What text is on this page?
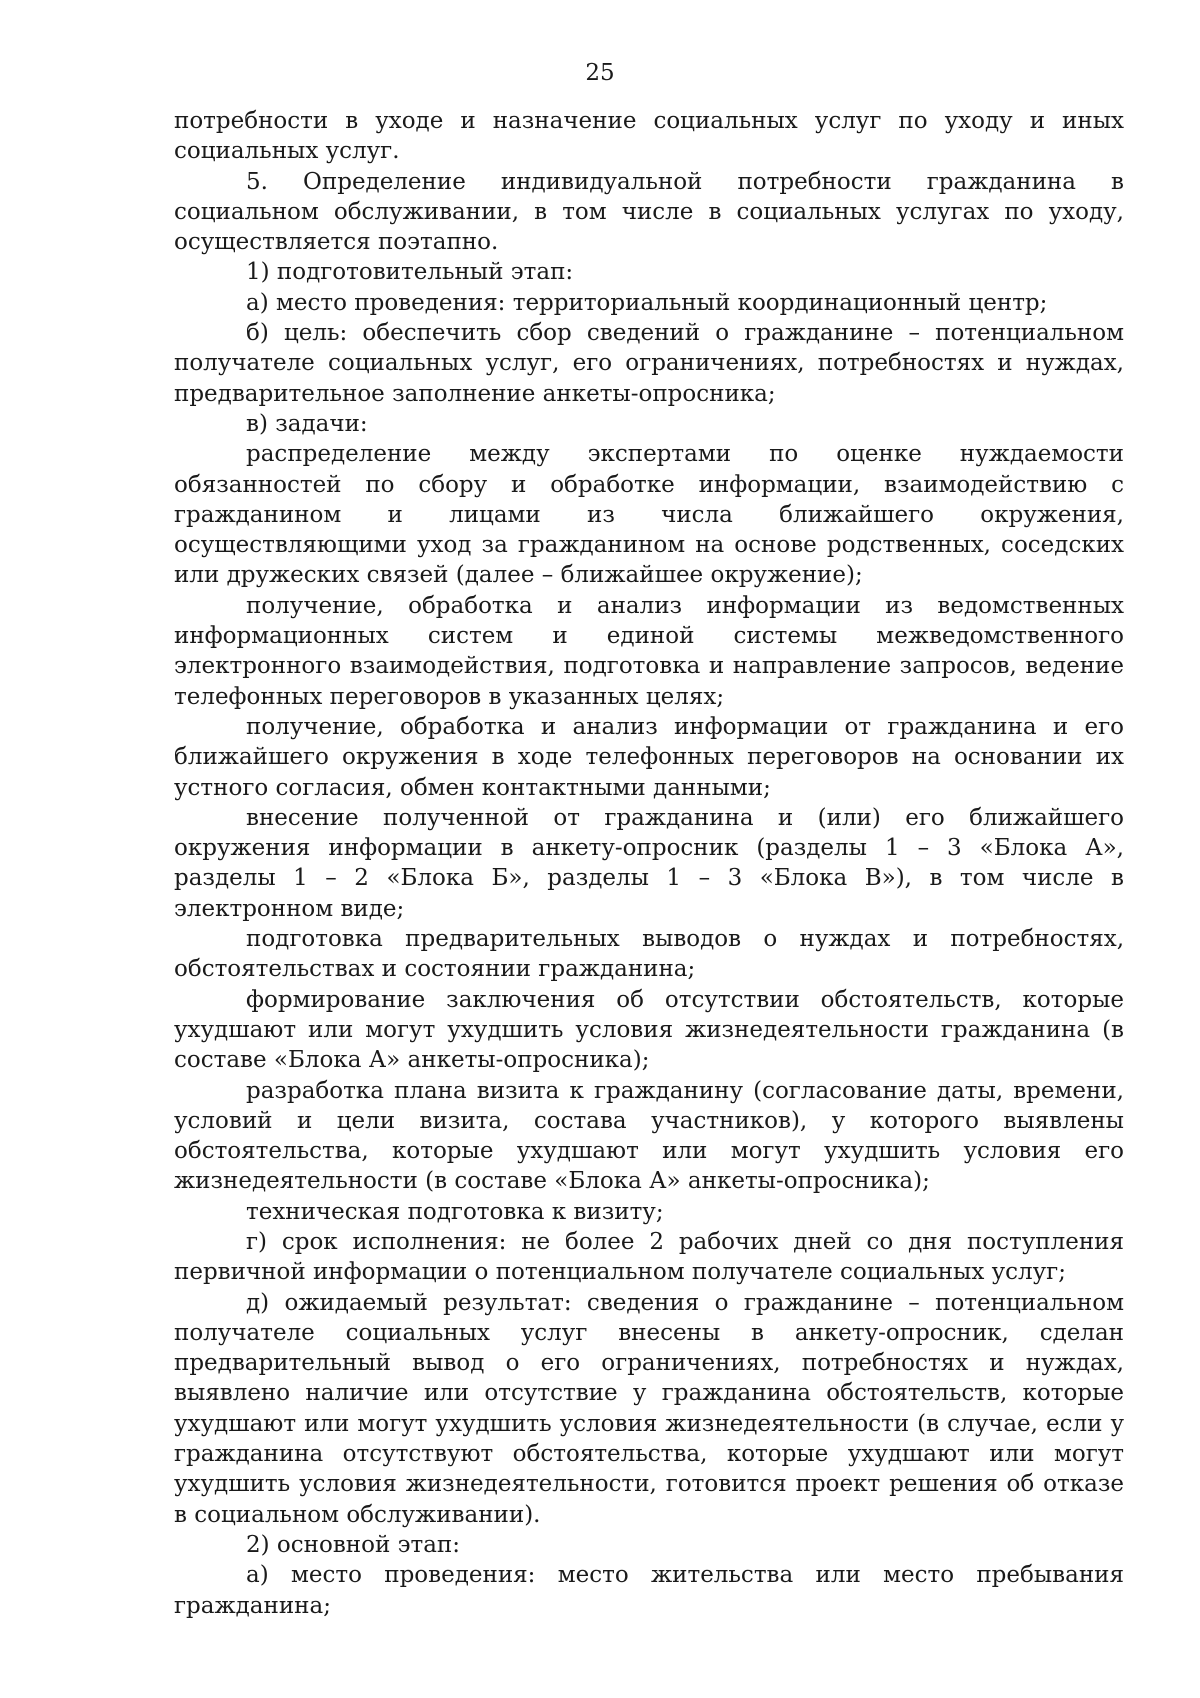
25

потребности в уходе и назначение социальных услуг по уходу и иных социальных услуг.

5. Определение индивидуальной потребности гражданина в социальном обслуживании, в том числе в социальных услугах по уходу, осуществляется поэтапно.

1) подготовительный этап:

а) место проведения: территориальный координационный центр;

б) цель: обеспечить сбор сведений о гражданине – потенциальном получателе социальных услуг, его ограничениях, потребностях и нуждах, предварительное заполнение анкеты-опросника;

в) задачи:

распределение между экспертами по оценке нуждаемости обязанностей по сбору и обработке информации, взаимодействию с гражданином и лицами из числа ближайшего окружения, осуществляющими уход за гражданином на основе родственных, соседских или дружеских связей (далее – ближайшее окружение);

получение, обработка и анализ информации из ведомственных информационных систем и единой системы межведомственного электронного взаимодействия, подготовка и направление запросов, ведение телефонных переговоров в указанных целях;

получение, обработка и анализ информации от гражданина и его ближайшего окружения в ходе телефонных переговоров на основании их устного согласия, обмен контактными данными;

внесение полученной от гражданина и (или) его ближайшего окружения информации в анкету-опросник (разделы 1 – 3 «Блока А», разделы 1 – 2 «Блока Б», разделы 1 – 3 «Блока В»), в том числе в электронном виде;

подготовка предварительных выводов о нуждах и потребностях, обстоятельствах и состоянии гражданина;

формирование заключения об отсутствии обстоятельств, которые ухудшают или могут ухудшить условия жизнедеятельности гражданина (в составе «Блока А» анкеты-опросника);

разработка плана визита к гражданину (согласование даты, времени, условий и цели визита, состава участников), у которого выявлены обстоятельства, которые ухудшают или могут ухудшить условия его жизнедеятельности (в составе «Блока А» анкеты-опросника);

техническая подготовка к визиту;

г) срок исполнения: не более 2 рабочих дней со дня поступления первичной информации о потенциальном получателе социальных услуг;

д) ожидаемый результат: сведения о гражданине – потенциальном получателе социальных услуг внесены в анкету-опросник, сделан предварительный вывод о его ограничениях, потребностях и нуждах, выявлено наличие или отсутствие у гражданина обстоятельств, которые ухудшают или могут ухудшить условия жизнедеятельности (в случае, если у гражданина отсутствуют обстоятельства, которые ухудшают или могут ухудшить условия жизнедеятельности, готовится проект решения об отказе в социальном обслуживании).

2) основной этап:

а) место проведения: место жительства или место пребывания гражданина;
